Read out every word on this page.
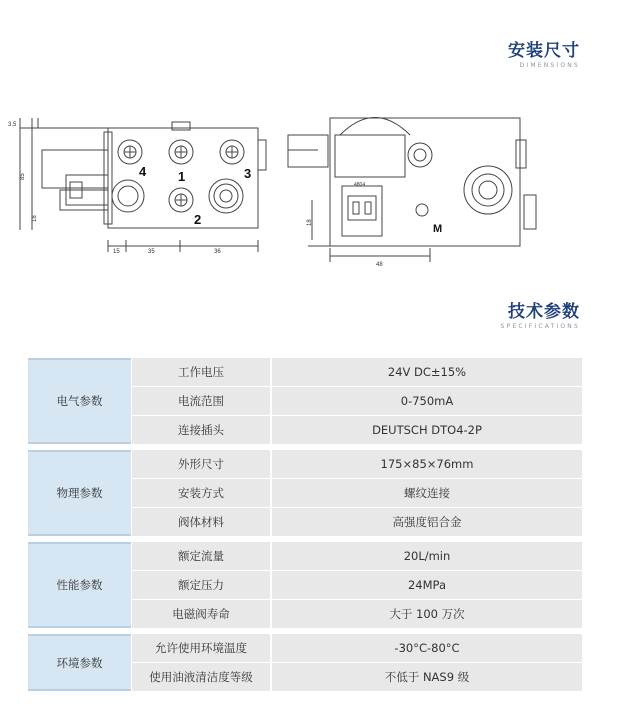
安装尺寸
DIMENSIONS
3.5
85
18
15	35	36
1
2
3
4
18
48
4804
M
技术参数
SPECIFICATIONS
电气参数
工作电压	24V DC±15%
电流范围	0-750mA
连接插头	DEUTSCH DTO4-2P
物理参数
外形尺寸	175×85×76mm
安装方式	螺纹连接
阀体材料	高强度铝合金
性能参数
额定流量	20L/min
额定压力	24MPa
电磁阀寿命	大于 100 万次
环境参数
允许使用环境温度	-30°C-80°C
使用油液清洁度等级	不低于 NAS9 级
